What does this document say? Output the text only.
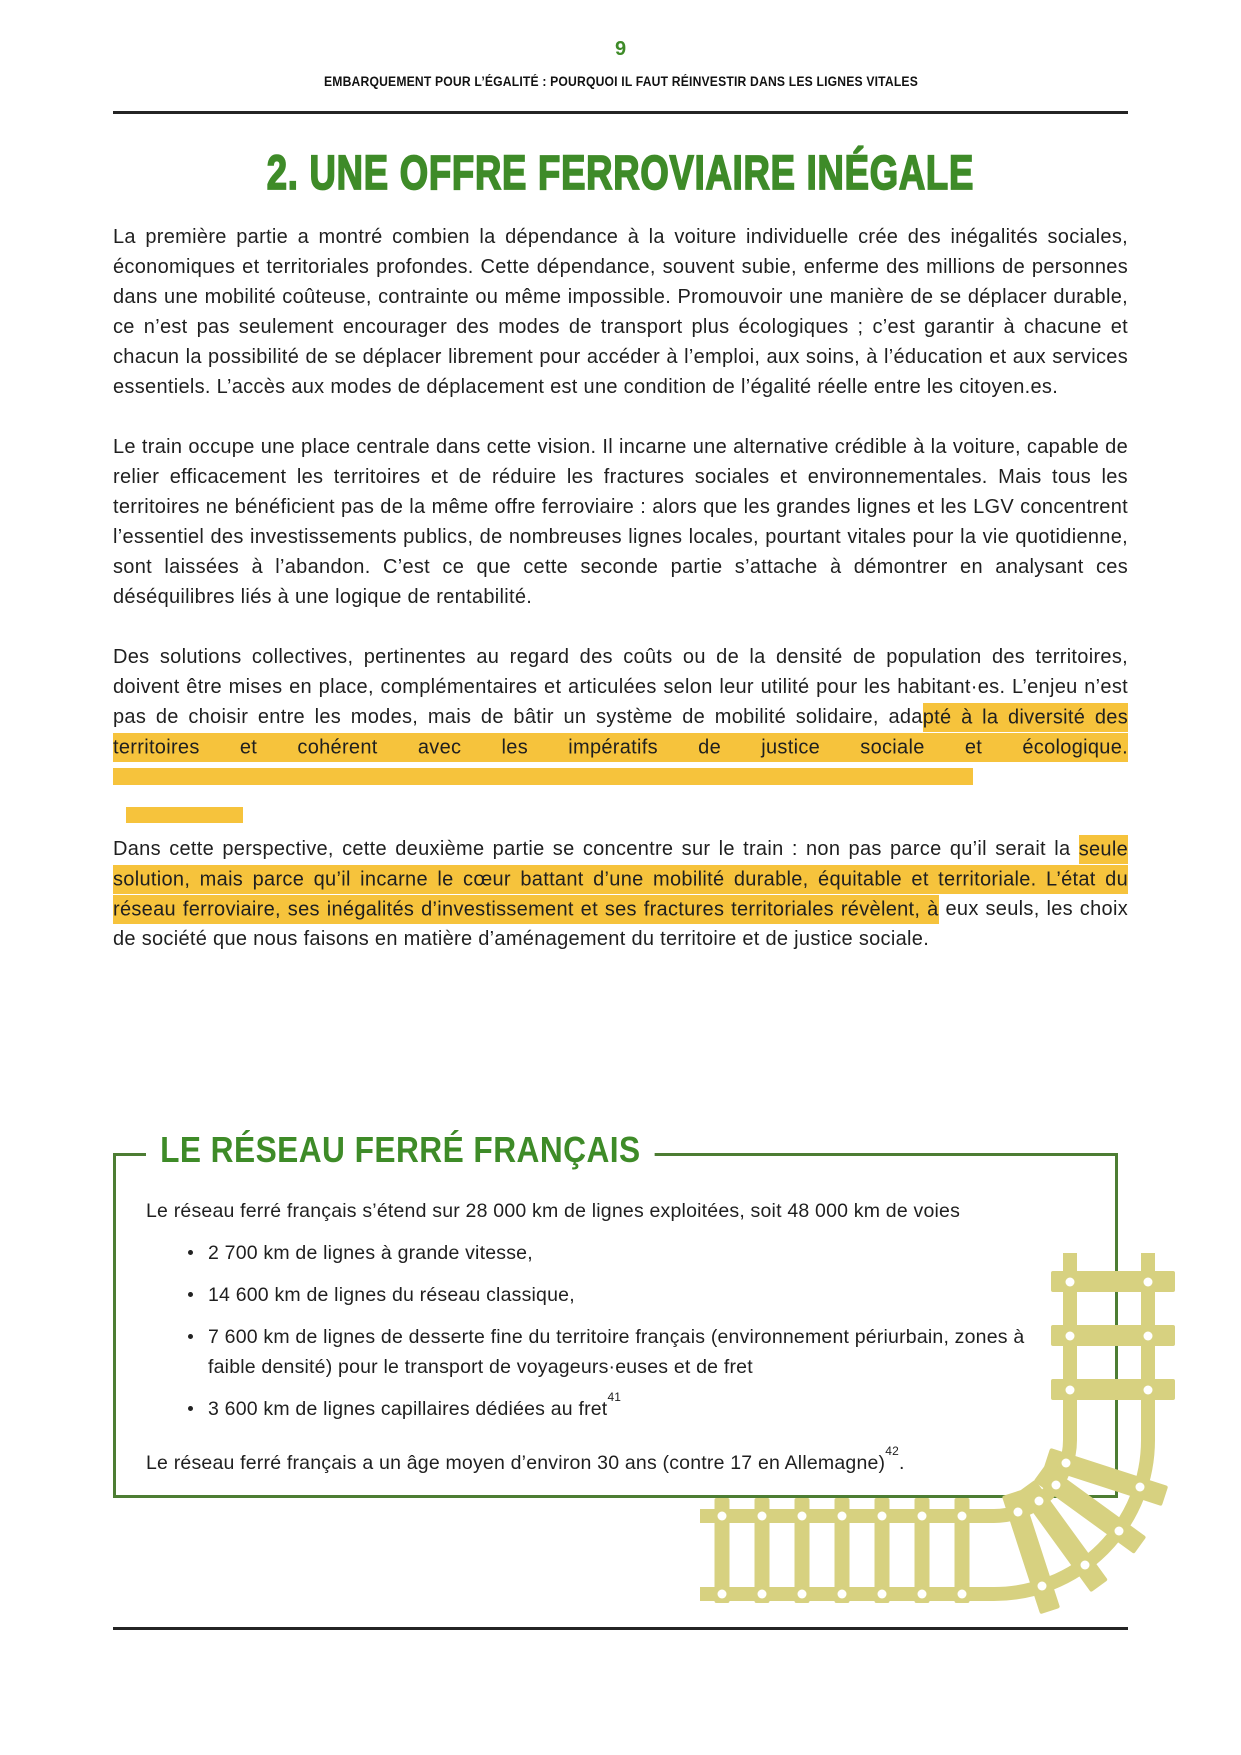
9
EMBARQUEMENT POUR L’ÉGALITÉ : POURQUOI IL FAUT RÉINVESTIR DANS LES LIGNES VITALES
2. UNE OFFRE FERROVIAIRE INÉGALE

La première partie a montré combien la dépendance à la voiture individuelle crée des inégalités sociales, économiques et territoriales profondes. Cette dépendance, souvent subie, enferme des millions de personnes dans une mobilité coûteuse, contrainte ou même impossible. Promouvoir une manière de se déplacer durable, ce n’est pas seulement encourager des modes de transport plus écologiques ; c’est garantir à chacune et chacun la possibilité de se déplacer librement pour accéder à l’emploi, aux soins, à l’éducation et aux services essentiels. L’accès aux modes de déplacement est une condition de l’égalité réelle entre les citoyen.es.

Le train occupe une place centrale dans cette vision. Il incarne une alternative crédible à la voiture, capable de relier efficacement les territoires et de réduire les fractures sociales et environnementales. Mais tous les territoires ne bénéficient pas de la même offre ferroviaire : alors que les grandes lignes et les LGV concentrent l’essentiel des investissements publics, de nombreuses lignes locales, pourtant vitales pour la vie quotidienne, sont laissées à l’abandon. C’est ce que cette seconde partie s’attache à démontrer en analysant ces déséquilibres liés à une logique de rentabilité.

Des solutions collectives, pertinentes au regard des coûts ou de la densité de population des territoires, doivent être mises en place, complémentaires et articulées selon leur utilité pour les habitant·es. L’enjeu n’est pas de choisir entre les modes, mais de bâtir un système de mobilité solidaire, adapté à la diversité des territoires et cohérent avec les impératifs de justice sociale et écologique.

Dans cette perspective, cette deuxième partie se concentre sur le train : non pas parce qu’il serait la seule solution, mais parce qu’il incarne le cœur battant d’une mobilité durable, équitable et territoriale. L’état du réseau ferroviaire, ses inégalités d’investissement et ses fractures territoriales révèlent, à eux seuls, les choix de société que nous faisons en matière d’aménagement du territoire et de justice sociale.

LE RÉSEAU FERRÉ FRANÇAIS

Le réseau ferré français s’étend sur 28 000 km de lignes exploitées, soit 48 000 km de voies

2 700 km de lignes à grande vitesse,
14 600 km de lignes du réseau classique,
7 600 km de lignes de desserte fine du territoire français (environnement périurbain, zones à faible densité) pour le transport de voyageurs·euses et de fret
3 600 km de lignes capillaires dédiées au fret$^{41}$

Le réseau ferré français a un âge moyen d’environ 30 ans (contre 17 en Allemagne)$^{42}$.
